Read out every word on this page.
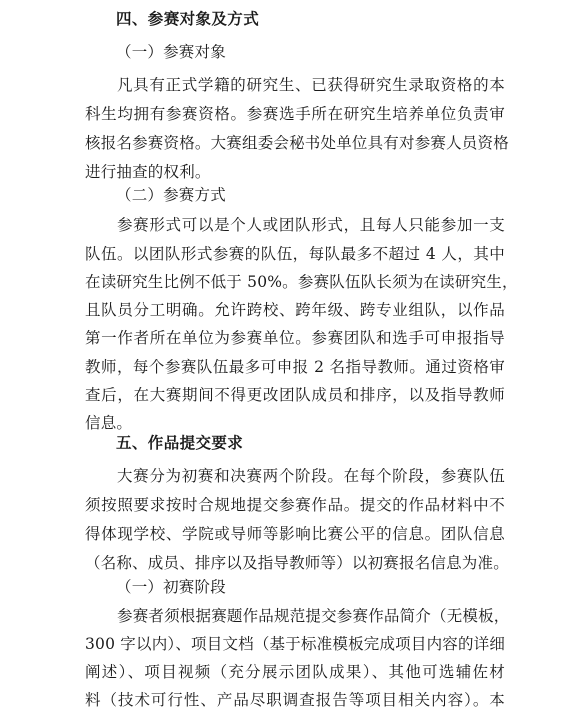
四、参赛对象及方式
（一）参赛对象
凡具有正式学籍的研究生、已获得研究生录取资格的本
科生均拥有参赛资格。参赛选手所在研究生培养单位负责审
核报名参赛资格。大赛组委会秘书处单位具有对参赛人员资格
进行抽查的权利。
（二）参赛方式
参赛形式可以是个人或团队形式，且每人只能参加一支
队伍。以团队形式参赛的队伍，每队最多不超过 4 人，其中
在读研究生比例不低于 50%。参赛队伍队长须为在读研究生，
且队员分工明确。允许跨校、跨年级、跨专业组队，以作品
第一作者所在单位为参赛单位。参赛团队和选手可申报指导
教师，每个参赛队伍最多可申报 2 名指导教师。通过资格审
查后，在大赛期间不得更改团队成员和排序，以及指导教师
信息。
五、作品提交要求
大赛分为初赛和决赛两个阶段。在每个阶段，参赛队伍
须按照要求按时合规地提交参赛作品。提交的作品材料中不
得体现学校、学院或导师等影响比赛公平的信息。团队信息
（名称、成员、排序以及指导教师等）以初赛报名信息为准。
（一）初赛阶段
参赛者须根据赛题作品规范提交参赛作品简介（无模板，
300 字以内）、项目文档（基于标准模板完成项目内容的详细
阐述）、项目视频（充分展示团队成果）、其他可选辅佐材
料（技术可行性、产品尽职调查报告等项目相关内容）。本
